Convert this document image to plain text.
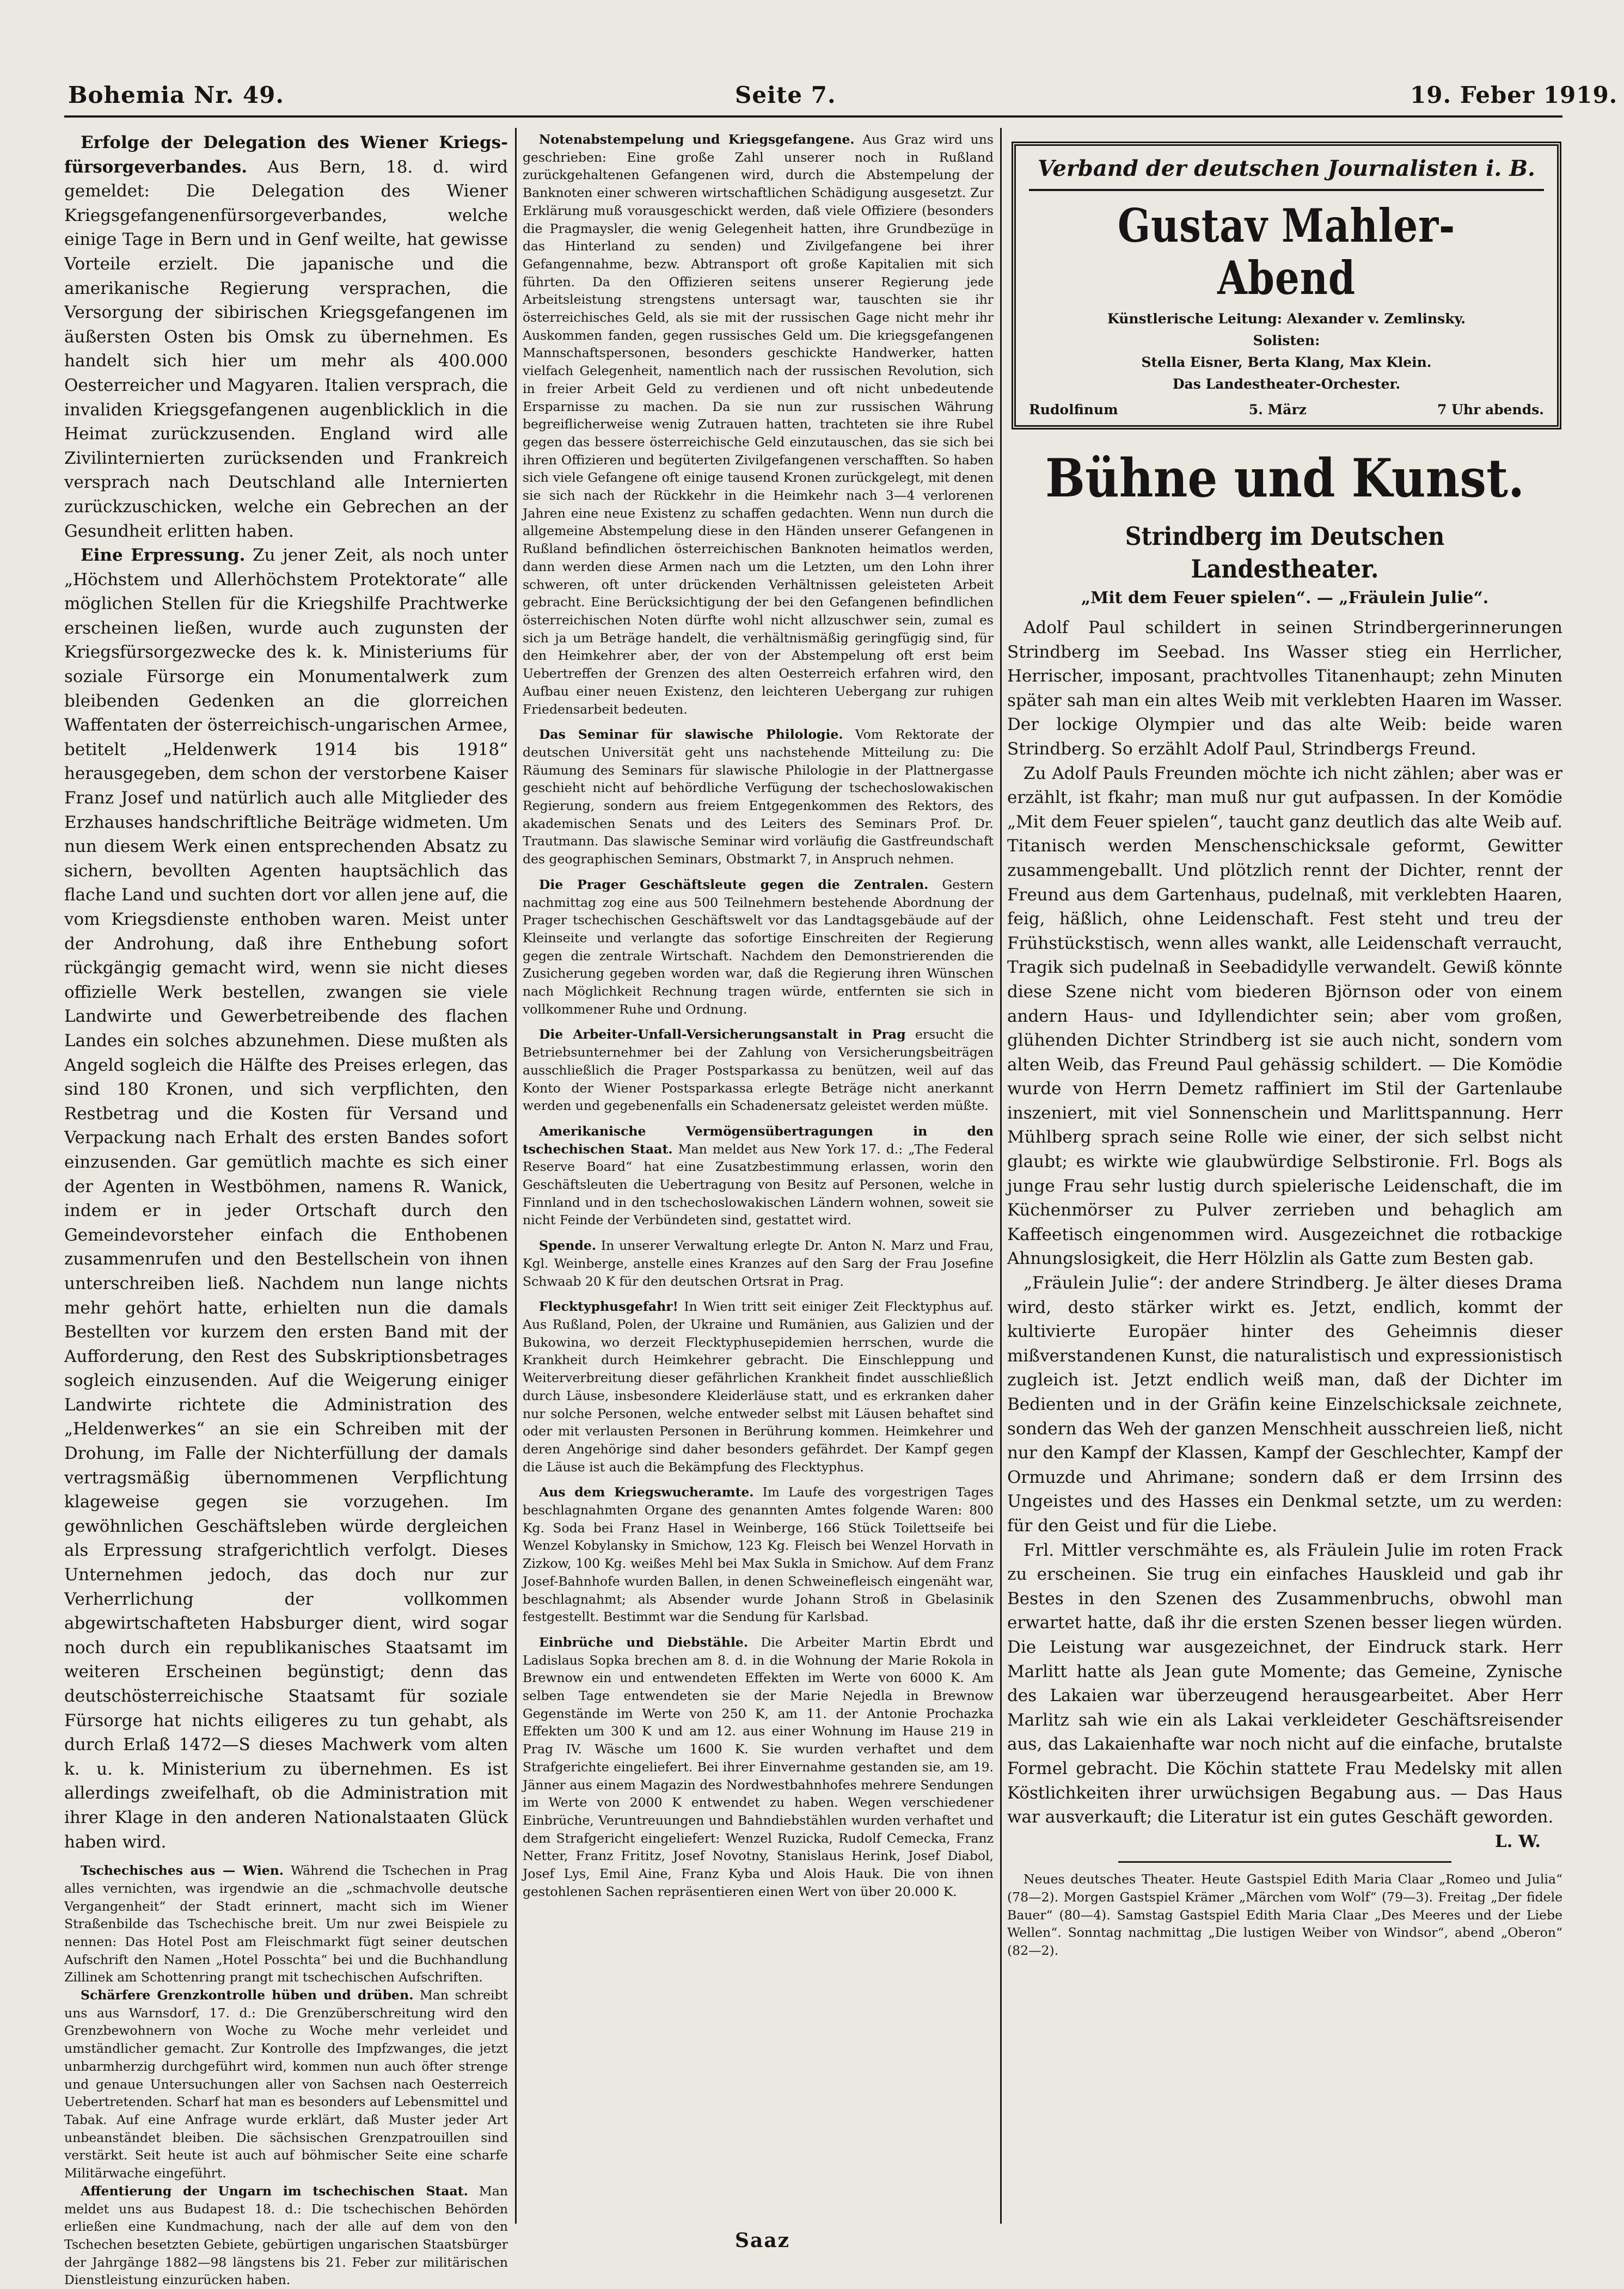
Bohemia Nr. 49.	Seite 7.	19. Feber 1919.

Erfolge der Delegation des Wiener Kriegsfürsorgeverbandes. Aus Bern, 18. d. wird gemeldet: Die Delegation des Wiener Kriegsgefangenenfürsorgeverbandes, welche einige Tage in Bern und in Genf weilte, hat gewisse Vorteile erzielt. Die japanische und die amerikanische Regierung versprachen, die Versorgung der sibirischen Kriegsgefangenen im äußersten Osten bis Omsk zu übernehmen. Es handelt sich hier um mehr als 400.000 Oesterreicher und Magyaren. Italien versprach, die invaliden Kriegsgefangenen augenblicklich in die Heimat zurückzusenden. England wird alle Zivilinternierten zurücksenden und Frankreich versprach nach Deutschland alle Internierten zurückzuschicken, welche ein Gebrechen an der Gesundheit erlitten haben.

Eine Erpressung. Zu jener Zeit, als noch unter „Höchstem und Allerhöchstem Protektorate“ alle möglichen Stellen für die Kriegshilfe Prachtwerke erscheinen ließen, wurde auch zugunsten der Kriegsfürsorgezwecke des k. k. Ministeriums für soziale Fürsorge ein Monumentalwerk zum bleibenden Gedenken an die glorreichen Waffentaten der österreichisch-ungarischen Armee, betitelt „Heldenwerk 1914 bis 1918“ herausgegeben, dem schon der verstorbene Kaiser Franz Josef und natürlich auch alle Mitglieder des Erzhauses handschriftliche Beiträge widmeten. Um nun diesem Werk einen entsprechenden Absatz zu sichern, bevollten Agenten hauptsächlich das flache Land und suchten dort vor allen jene auf, die vom Kriegsdienste enthoben waren. Meist unter der Androhung, daß ihre Enthebung sofort rückgängig gemacht wird, wenn sie nicht dieses offizielle Werk bestellen, zwangen sie viele Landwirte und Gewerbetreibende des flachen Landes ein solches abzunehmen. Diese mußten als Angeld sogleich die Hälfte des Preises erlegen, das sind 180 Kronen, und sich verpflichten, den Restbetrag und die Kosten für Versand und Verpackung nach Erhalt des ersten Bandes sofort einzusenden. Gar gemütlich machte es sich einer der Agenten in Westböhmen, namens R. Wanick, indem er in jeder Ortschaft durch den Gemeindevorsteher einfach die Enthobenen zusammenrufen und den Bestellschein von ihnen unterschreiben ließ. Nachdem nun lange nichts mehr gehört hatte, erhielten nun die damals Bestellten vor kurzem den ersten Band mit der Aufforderung, den Rest des Subskriptionsbetrages sogleich einzusenden. Auf die Weigerung einiger Landwirte richtete die Administration des „Heldenwerkes“ an sie ein Schreiben mit der Drohung, im Falle der Nichterfüllung der damals vertragsmäßig übernommenen Verpflichtung klageweise gegen sie vorzugehen. Im gewöhnlichen Geschäftsleben würde dergleichen als Erpressung strafgerichtlich verfolgt. Dieses Unternehmen jedoch, das doch nur zur Verherrlichung der vollkommen abgewirtschafteten Habsburger dient, wird sogar noch durch ein republikanisches Staatsamt im weiteren Erscheinen begünstigt; denn das deutschösterreichische Staatsamt für soziale Fürsorge hat nichts eiligeres zu tun gehabt, als durch Erlaß 1472—S dieses Machwerk vom alten k. u. k. Ministerium zu übernehmen. Es ist allerdings zweifelhaft, ob die Administration mit ihrer Klage in den anderen Nationalstaaten Glück haben wird.

Tschechisches aus — Wien. Während die Tschechen in Prag alles vernichten, was irgendwie an die „schmachvolle deutsche Vergangenheit“ der Stadt erinnert, macht sich im Wiener Straßenbilde das Tschechische breit. Um nur zwei Beispiele zu nennen: Das Hotel Post am Fleischmarkt fügt seiner deutschen Aufschrift den Namen „Hotel Posschta“ bei und die Buchhandlung Zillinek am Schottenring prangt mit tschechischen Aufschriften.

Schärfere Grenzkontrolle hüben und drüben. Man schreibt uns aus Warnsdorf, 17. d.: Die Grenzüberschreitung wird den Grenzbewohnern von Woche zu Woche mehr verleidet und umständlicher gemacht. Zur Kontrolle des Impfzwanges, die jetzt unbarmherzig durchgeführt wird, kommen nun auch öfter strenge und genaue Untersuchungen aller von Sachsen nach Oesterreich Uebertretenden. Scharf hat man es besonders auf Lebensmittel und Tabak. Auf eine Anfrage wurde erklärt, daß Muster jeder Art unbeanständet bleiben. Die sächsischen Grenzpatrouillen sind verstärkt. Seit heute ist auch auf böhmischer Seite eine scharfe Militärwache eingeführt.

Affentierung der Ungarn im tschechischen Staat. Man meldet uns aus Budapest 18. d.: Die tschechischen Behörden erließen eine Kundmachung, nach der alle auf dem von den Tschechen besetzten Gebiete, gebürtigen ungarischen Staatsbürger der Jahrgänge 1882—98 längstens bis 21. Feber zur militärischen Dienstleistung einzurücken haben.

Notenabstempelung und Kriegsgefangene. Aus Graz wird uns geschrieben: Eine große Zahl unserer noch in Rußland zurückgehaltenen Gefangenen wird, durch die Abstempelung der Banknoten einer schweren wirtschaftlichen Schädigung ausgesetzt. Zur Erklärung muß vorausgeschickt werden, daß viele Offiziere (besonders die Pragmaysler, die wenig Gelegenheit hatten, ihre Grundbezüge in das Hinterland zu senden) und Zivilgefangene bei ihrer Gefangennahme, bezw. Abtransport oft große Kapitalien mit sich führten. Da den Offizieren seitens unserer Regierung jede Arbeitsleistung strengstens untersagt war, tauschten sie ihr österreichisches Geld, als sie mit der russischen Gage nicht mehr ihr Auskommen fanden, gegen russisches Geld um. Die kriegsgefangenen Mannschaftspersonen, besonders geschickte Handwerker, hatten vielfach Gelegenheit, namentlich nach der russischen Revolution, sich in freier Arbeit Geld zu verdienen und oft nicht unbedeutende Ersparnisse zu machen. Da sie nun zur russischen Währung begreiflicherweise wenig Zutrauen hatten, trachteten sie ihre Rubel gegen das bessere österreichische Geld einzutauschen, das sie sich bei ihren Offizieren und begüterten Zivilgefangenen verschafften. So haben sich viele Gefangene oft einige tausend Kronen zurückgelegt, mit denen sie sich nach der Rückkehr in die Heimkehr nach 3—4 verlorenen Jahren eine neue Existenz zu schaffen gedachten. Wenn nun durch die allgemeine Abstempelung diese in den Händen unserer Gefangenen in Rußland befindlichen österreichischen Banknoten heimatlos werden, dann werden diese Armen nach um die Letzten, um den Lohn ihrer schweren, oft unter drückenden Verhältnissen geleisteten Arbeit gebracht. Eine Berücksichtigung der bei den Gefangenen befindlichen österreichischen Noten dürfte wohl nicht allzuschwer sein, zumal es sich ja um Beträge handelt, die verhältnismäßig geringfügig sind, für den Heimkehrer aber, der von der Abstempelung oft erst beim Uebertreffen der Grenzen des alten Oesterreich erfahren wird, den Aufbau einer neuen Existenz, den leichteren Uebergang zur ruhigen Friedensarbeit bedeuten.

Das Seminar für slawische Philologie. Vom Rektorate der deutschen Universität geht uns nachstehende Mitteilung zu: Die Räumung des Seminars für slawische Philologie in der Plattnergasse geschieht nicht auf behördliche Verfügung der tschechoslowakischen Regierung, sondern aus freiem Entgegenkommen des Rektors, des akademischen Senats und des Leiters des Seminars Prof. Dr. Trautmann. Das slawische Seminar wird vorläufig die Gastfreundschaft des geographischen Seminars, Obstmarkt 7, in Anspruch nehmen.

Die Prager Geschäftsleute gegen die Zentralen. Gestern nachmittag zog eine aus 500 Teilnehmern bestehende Abordnung der Prager tschechischen Geschäftswelt vor das Landtagsgebäude auf der Kleinseite und verlangte das sofortige Einschreiten der Regierung gegen die zentrale Wirtschaft. Nachdem den Demonstrierenden die Zusicherung gegeben worden war, daß die Regierung ihren Wünschen nach Möglichkeit Rechnung tragen würde, entfernten sie sich in vollkommener Ruhe und Ordnung.

Die Arbeiter-Unfall-Versicherungsanstalt in Prag ersucht die Betriebsunternehmer bei der Zahlung von Versicherungsbeiträgen ausschließlich die Prager Postsparkassa zu benützen, weil auf das Konto der Wiener Postsparkassa erlegte Beträge nicht anerkannt werden und gegebenenfalls ein Schadenersatz geleistet werden müßte.

Amerikanische Vermögensübertragungen in den tschechischen Staat. Man meldet aus New York 17. d.: „The Federal Reserve Board“ hat eine Zusatzbestimmung erlassen, worin den Geschäftsleuten die Uebertragung von Besitz auf Personen, welche in Finnland und in den tschechoslowakischen Ländern wohnen, soweit sie nicht Feinde der Verbündeten sind, gestattet wird.

Spende. In unserer Verwaltung erlegte Dr. Anton N. Marz und Frau, Kgl. Weinberge, anstelle eines Kranzes auf den Sarg der Frau Josefine Schwaab 20 K für den deutschen Ortsrat in Prag.

Flecktyphusgefahr! In Wien tritt seit einiger Zeit Flecktyphus auf. Aus Rußland, Polen, der Ukraine und Rumänien, aus Galizien und der Bukowina, wo derzeit Flecktyphusepidemien herrschen, wurde die Krankheit durch Heimkehrer gebracht. Die Einschleppung und Weiterverbreitung dieser gefährlichen Krankheit findet ausschließlich durch Läuse, insbesondere Kleiderläuse statt, und es erkranken daher nur solche Personen, welche entweder selbst mit Läusen behaftet sind oder mit verlausten Personen in Berührung kommen. Heimkehrer und deren Angehörige sind daher besonders gefährdet. Der Kampf gegen die Läuse ist auch die Bekämpfung des Flecktyphus.

Aus dem Kriegswucheramte. Im Laufe des vorgestrigen Tages beschlagnahmten Organe des genannten Amtes folgende Waren: 800 Kg. Soda bei Franz Hasel in Weinberge, 166 Stück Toilettseife bei Wenzel Kobylansky in Smichow, 123 Kg. Fleisch bei Wenzel Horvath in Zizkow, 100 Kg. weißes Mehl bei Max Sukla in Smichow. Auf dem Franz Josef-Bahnhofe wurden Ballen, in denen Schweinefleisch eingenäht war, beschlagnahmt; als Absender wurde Johann Stroß in Gbelasinik festgestellt. Bestimmt war die Sendung für Karlsbad.

Einbrüche und Diebstähle. Die Arbeiter Martin Ebrdt und Ladislaus Sopka brechen am 8. d. in die Wohnung der Marie Rokola in Brewnow ein und entwendeten Effekten im Werte von 6000 K. Am selben Tage entwendeten sie der Marie Nejedla in Brewnow Gegenstände im Werte von 250 K, am 11. der Antonie Prochazka Effekten um 300 K und am 12. aus einer Wohnung im Hause 219 in Prag IV. Wäsche um 1600 K. Sie wurden verhaftet und dem Strafgerichte eingeliefert. Bei ihrer Einvernahme gestanden sie, am 19. Jänner aus einem Magazin des Nordwestbahnhofes mehrere Sendungen im Werte von 2000 K entwendet zu haben. Wegen verschiedener Einbrüche, Veruntreuungen und Bahndiebstählen wurden verhaftet und dem Strafgericht eingeliefert: Wenzel Ruzicka, Rudolf Cemecka, Franz Netter, Franz Frititz, Josef Novotny, Stanislaus Herink, Josef Diabol, Josef Lys, Emil Aine, Franz Kyba und Alois Hauk. Die von ihnen gestohlenen Sachen repräsentieren einen Wert von über 20.000 K.

Verband der deutschen Journalisten i. B.
Gustav Mahler-Abend
Künstlerische Leitung: Alexander v. Zemlinsky.
Solisten:
Stella Eisner, Berta Klang, Max Klein.
Das Landestheater-Orchester.
Rudolfinum	5. März	7 Uhr abends.
Bühne und Kunst.
Strindberg im Deutschen Landestheater.
„Mit dem Feuer spielen“. — „Fräulein Julie“.

Adolf Paul schildert in seinen Strindbergerinnerungen Strindberg im Seebad. Ins Wasser stieg ein Herrlicher, Herrischer, imposant, prachtvolles Titanenhaupt; zehn Minuten später sah man ein altes Weib mit verklebten Haaren im Wasser. Der lockige Olympier und das alte Weib: beide waren Strindberg. So erzählt Adolf Paul, Strindbergs Freund.

Zu Adolf Pauls Freunden möchte ich nicht zählen; aber was er erzählt, ist fkahr; man muß nur gut aufpassen. In der Komödie „Mit dem Feuer spielen“, taucht ganz deutlich das alte Weib auf. Titanisch werden Menschenschicksale geformt, Gewitter zusammengeballt. Und plötzlich rennt der Dichter, rennt der Freund aus dem Gartenhaus, pudelnaß, mit verklebten Haaren, feig, häßlich, ohne Leidenschaft. Fest steht und treu der Frühstückstisch, wenn alles wankt, alle Leidenschaft verraucht, Tragik sich pudelnaß in Seebadidylle verwandelt. Gewiß könnte diese Szene nicht vom biederen Björnson oder von einem andern Haus- und Idyllendichter sein; aber vom großen, glühenden Dichter Strindberg ist sie auch nicht, sondern vom alten Weib, das Freund Paul gehässig schildert. — Die Komödie wurde von Herrn Demetz raffiniert im Stil der Gartenlaube inszeniert, mit viel Sonnenschein und Marlittspannung. Herr Mühlberg sprach seine Rolle wie einer, der sich selbst nicht glaubt; es wirkte wie glaubwürdige Selbstironie. Frl. Bogs als junge Frau sehr lustig durch spielerische Leidenschaft, die im Küchenmörser zu Pulver zerrieben und behaglich am Kaffeetisch eingenommen wird. Ausgezeichnet die rotbackige Ahnungslosigkeit, die Herr Hölzlin als Gatte zum Besten gab.

„Fräulein Julie“: der andere Strindberg. Je älter dieses Drama wird, desto stärker wirkt es. Jetzt, endlich, kommt der kultivierte Europäer hinter des Geheimnis dieser mißverstandenen Kunst, die naturalistisch und expressionistisch zugleich ist. Jetzt endlich weiß man, daß der Dichter im Bedienten und in der Gräfin keine Einzelschicksale zeichnete, sondern das Weh der ganzen Menschheit ausschreien ließ, nicht nur den Kampf der Klassen, Kampf der Geschlechter, Kampf der Ormuzde und Ahrimane; sondern daß er dem Irrsinn des Ungeistes und des Hasses ein Denkmal setzte, um zu werden: für den Geist und für die Liebe.

Frl. Mittler verschmähte es, als Fräulein Julie im roten Frack zu erscheinen. Sie trug ein einfaches Hauskleid und gab ihr Bestes in den Szenen des Zusammenbruchs, obwohl man erwartet hatte, daß ihr die ersten Szenen besser liegen würden. Die Leistung war ausgezeichnet, der Eindruck stark. Herr Marlitt hatte als Jean gute Momente; das Gemeine, Zynische des Lakaien war überzeugend herausgearbeitet. Aber Herr Marlitz sah wie ein als Lakai verkleideter Geschäftsreisender aus, das Lakaienhafte war noch nicht auf die einfache, brutalste Formel gebracht. Die Köchin stattete Frau Medelsky mit allen Köstlichkeiten ihrer urwüchsigen Begabung aus. — Das Haus war ausverkauft; die Literatur ist ein gutes Geschäft geworden.

L. W.

Neues deutsches Theater. Heute Gastspiel Edith Maria Claar „Romeo und Julia“ (78—2). Morgen Gastspiel Krämer „Märchen vom Wolf“ (79—3). Freitag „Der fidele Bauer“ (80—4). Samstag Gastspiel Edith Maria Claar „Des Meeres und der Liebe Wellen“. Sonntag nachmittag „Die lustigen Weiber von Windsor“, abend „Oberon“ (82—2).

Saaz
